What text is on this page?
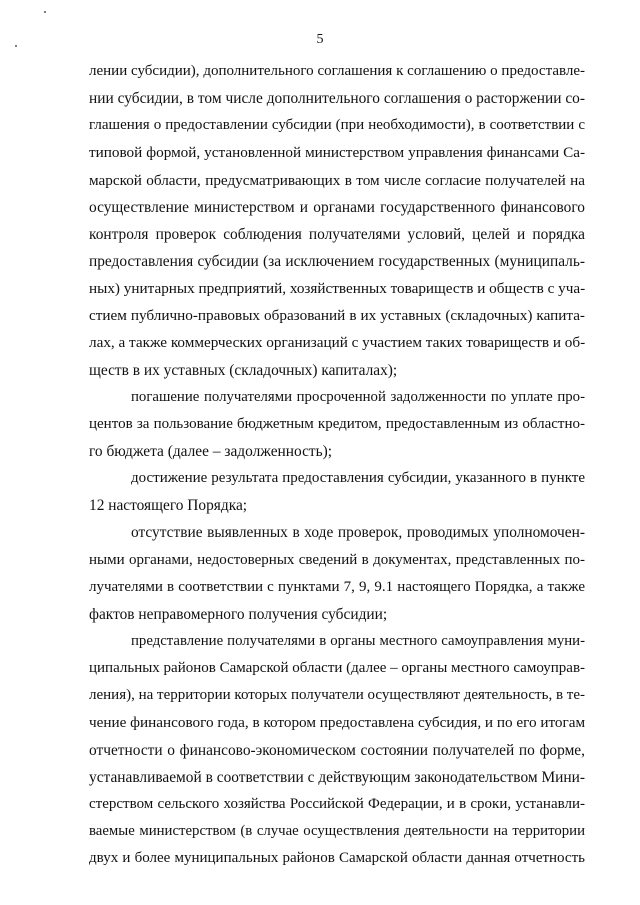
5
лении субсидии), дополнительного соглашения к соглашению о предоставле-
нии субсидии, в том числе дополнительного соглашения о расторжении со-
глашения о предоставлении субсидии (при необходимости), в соответствии с
типовой формой, установленной министерством управления финансами Са-
марской области, предусматривающих в том числе согласие получателей на
осуществление министерством и органами государственного финансового
контроля проверок соблюдения получателями условий, целей и порядка
предоставления субсидии (за исключением государственных (муниципаль-
ных) унитарных предприятий, хозяйственных товариществ и обществ с уча-
стием публично-правовых образований в их уставных (складочных) капита-
лах, а также коммерческих организаций с участием таких товариществ и об-
ществ в их уставных (складочных) капиталах);
погашение получателями просроченной задолженности по уплате про-
центов за пользование бюджетным кредитом, предоставленным из областно-
го бюджета (далее – задолженность);
достижение результата предоставления субсидии, указанного в пункте
12 настоящего Порядка;
отсутствие выявленных в ходе проверок, проводимых уполномочен-
ными органами, недостоверных сведений в документах, представленных по-
лучателями в соответствии с пунктами 7, 9, 9.1 настоящего Порядка, а также
фактов неправомерного получения субсидии;
представление получателями в органы местного самоуправления муни-
ципальных районов Самарской области (далее – органы местного самоуправ-
ления), на территории которых получатели осуществляют деятельность, в те-
чение финансового года, в котором предоставлена субсидия, и по его итогам
отчетности о финансово-экономическом состоянии получателей по форме,
устанавливаемой в соответствии с действующим законодательством Мини-
стерством сельского хозяйства Российской Федерации, и в сроки, устанавли-
ваемые министерством (в случае осуществления деятельности на территории
двух и более муниципальных районов Самарской области данная отчетность
